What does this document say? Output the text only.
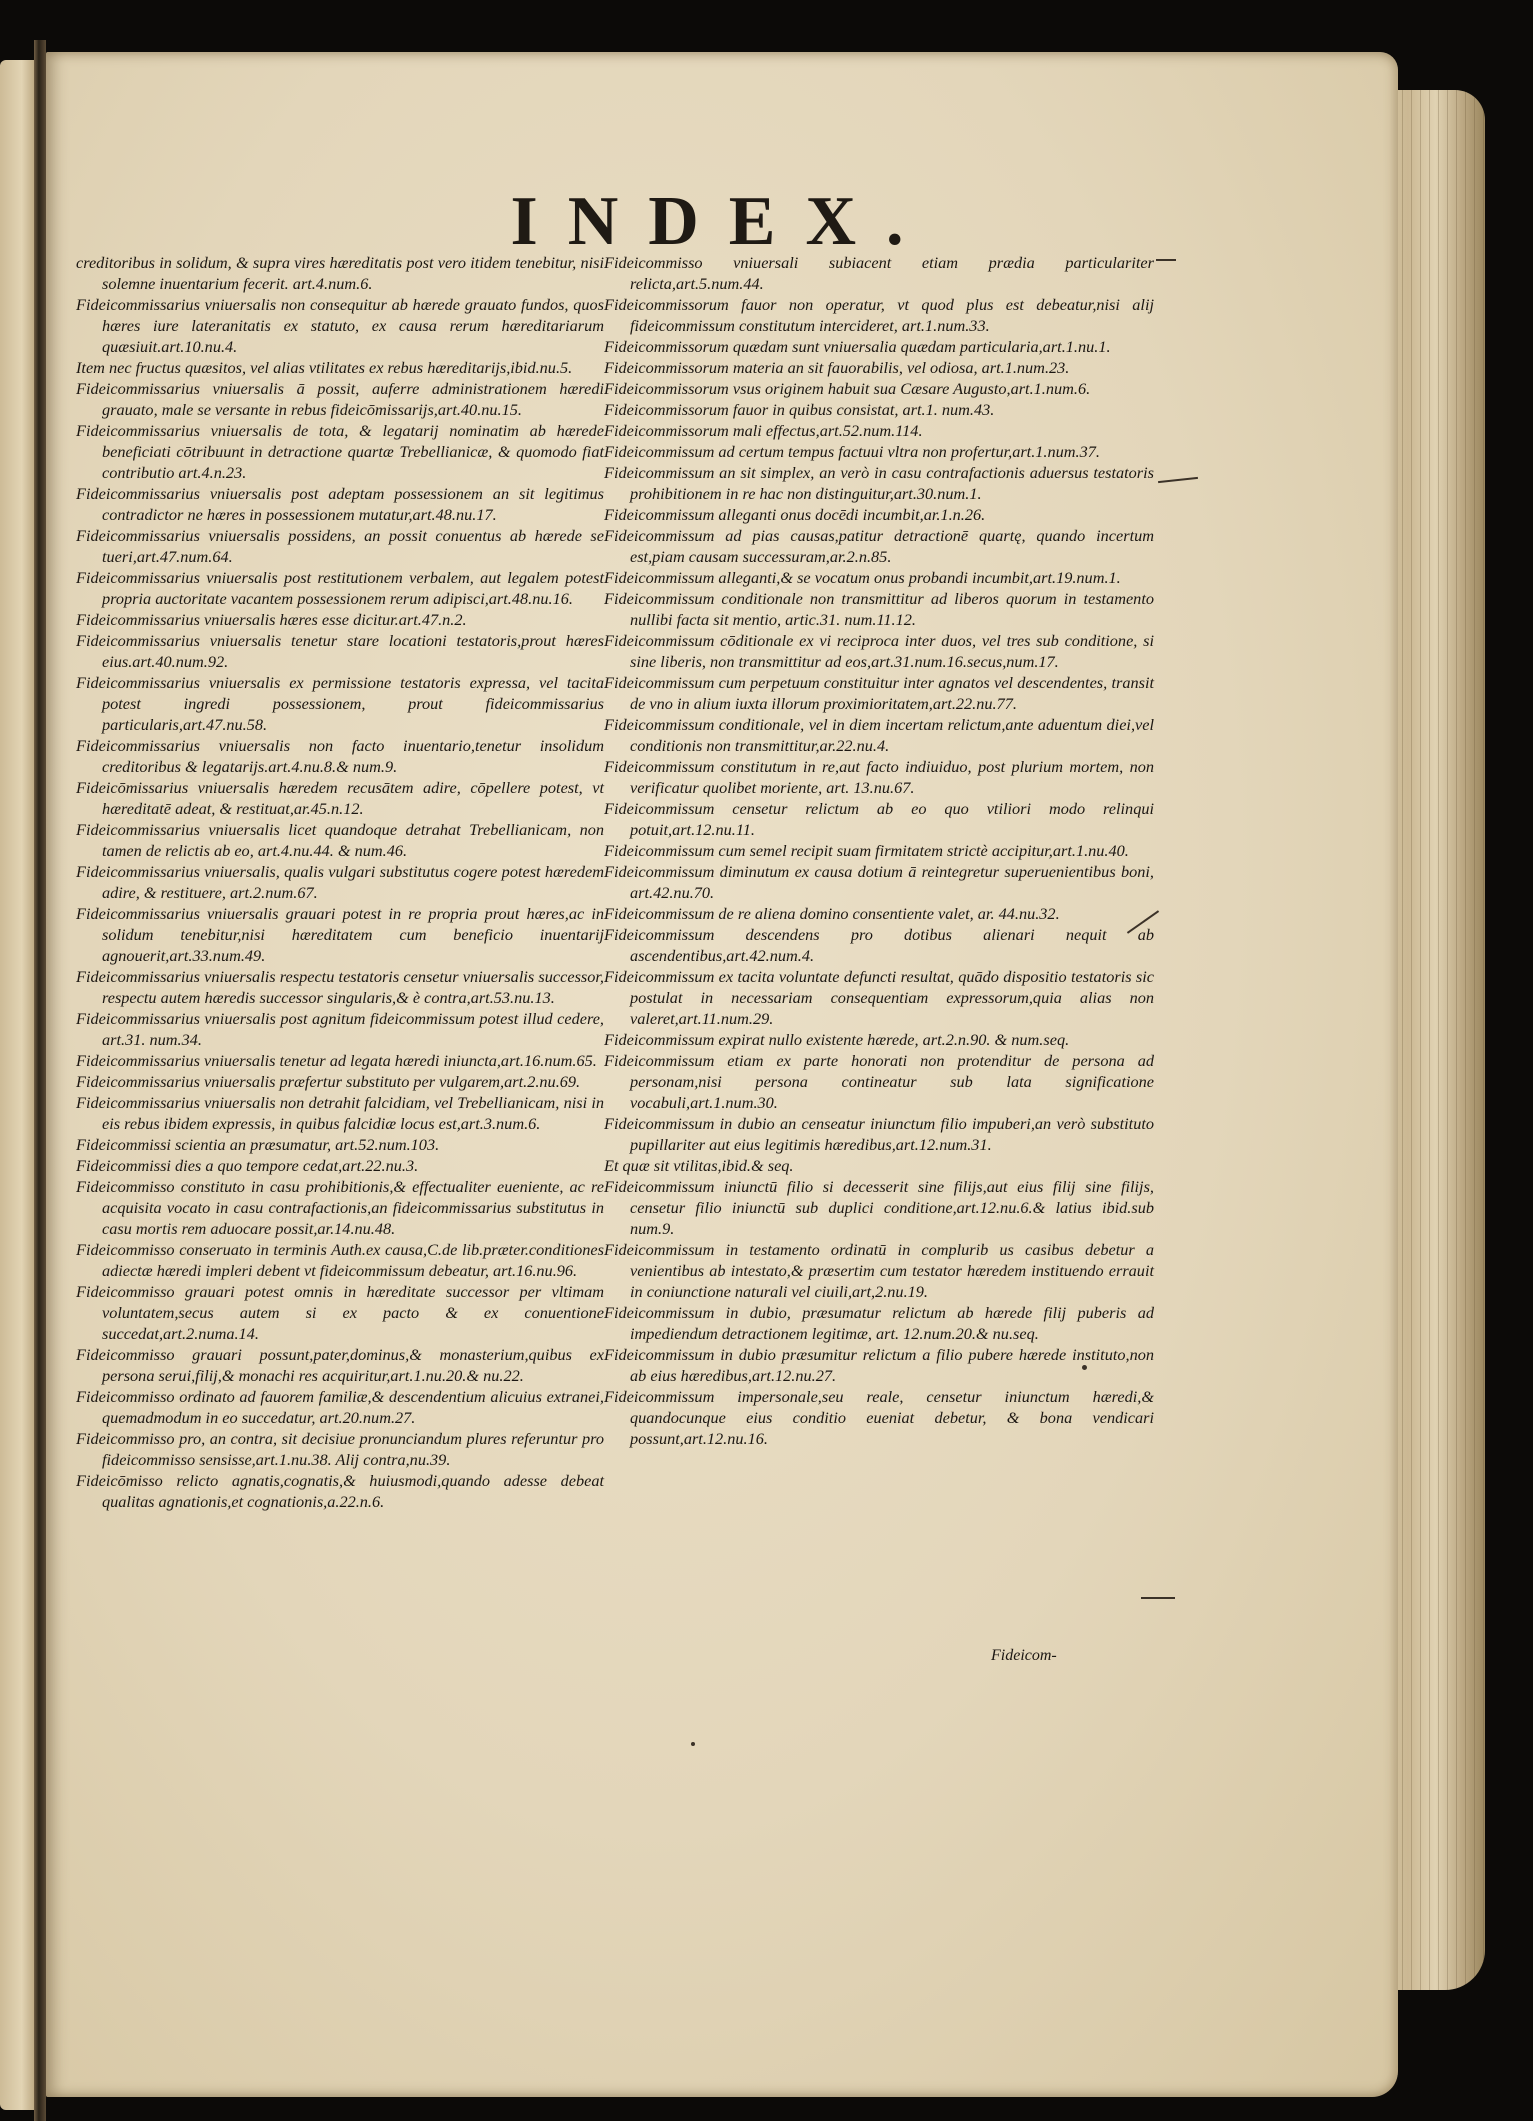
INDEX.

creditoribus in solidum, & supra vires hæreditatis post vero itidem tenebitur, nisi solemne inuentarium fecerit. art.4.num.6.

Fideicommissarius vniuersalis non consequitur ab hærede grauato fundos, quos hæres iure lateranitatis ex statuto, ex causa rerum hæreditariarum quæsiuit.art.10.nu.4.

Item nec fructus quæsitos, vel alias vtilitates ex rebus hæreditarijs,ibid.nu.5.

Fideicommissarius vniuersalis ā possit, auferre administrationem hæredi grauato, male se versante in rebus fideicōmissarijs,art.40.nu.15.

Fideicommissarius vniuersalis de tota, & legatarij nominatim ab hærede beneficiati cōtribuunt in detractione quartæ Trebellianicæ, & quomodo fiat contributio art.4.n.23.

Fideicommissarius vniuersalis post adeptam possessionem an sit legitimus contradictor ne hæres in possessionem mutatur,art.48.nu.17.

Fideicommissarius vniuersalis possidens, an possit conuentus ab hærede se tueri,art.47.num.64.

Fideicommissarius vniuersalis post restitutionem verbalem, aut legalem potest propria auctoritate vacantem possessionem rerum adipisci,art.48.nu.16.

Fideicommissarius vniuersalis hæres esse dicitur.art.47.n.2.

Fideicommissarius vniuersalis tenetur stare locationi testatoris,prout hæres eius.art.40.num.92.

Fideicommissarius vniuersalis ex permissione testatoris expressa, vel tacita potest ingredi possessionem, prout fideicommissarius particularis,art.47.nu.58.

Fideicommissarius vniuersalis non facto inuentario,tenetur insolidum creditoribus & legatarijs.art.4.nu.8.& num.9.

Fideicōmissarius vniuersalis hæredem recusātem adire, cōpellere potest, vt hæreditatē adeat, & restituat,ar.45.n.12.

Fideicommissarius vniuersalis licet quandoque detrahat Trebellianicam, non tamen de relictis ab eo, art.4.nu.44. & num.46.

Fideicommissarius vniuersalis, qualis vulgari substitutus cogere potest hæredem adire, & restituere, art.2.num.67.

Fideicommissarius vniuersalis grauari potest in re propria prout hæres,ac in solidum tenebitur,nisi hæreditatem cum beneficio inuentarij agnouerit,art.33.num.49.

Fideicommissarius vniuersalis respectu testatoris censetur vniuersalis successor, respectu autem hæredis successor singularis,& è contra,art.53.nu.13.

Fideicommissarius vniuersalis post agnitum fideicommissum potest illud cedere, art.31. num.34.

Fideicommissarius vniuersalis tenetur ad legata hæredi iniuncta,art.16.num.65.

Fideicommissarius vniuersalis præfertur substituto per vulgarem,art.2.nu.69.

Fideicommissarius vniuersalis non detrahit falcidiam, vel Trebellianicam, nisi in eis rebus ibidem expressis, in quibus falcidiæ locus est,art.3.num.6.

Fideicommissi scientia an præsumatur, art.52.num.103.

Fideicommissi dies a quo tempore cedat,art.22.nu.3.

Fideicommisso constituto in casu prohibitionis,& effectualiter eueniente, ac re acquisita vocato in casu contrafactionis,an fideicommissarius substitutus in casu mortis rem aduocare possit,ar.14.nu.48.

Fideicommisso conseruato in terminis Auth.ex causa,C.de lib.præter.conditiones adiectæ hæredi impleri debent vt fideicommissum debeatur, art.16.nu.96.

Fideicommisso grauari potest omnis in hæreditate successor per vltimam voluntatem,secus autem si ex pacto & ex conuentione succedat,art.2.numa.14.

Fideicommisso grauari possunt,pater,dominus,& monasterium,quibus ex persona serui,filij,& monachi res acquiritur,art.1.nu.20.& nu.22.

Fideicommisso ordinato ad fauorem familiæ,& descendentium alicuius extranei, quemadmodum in eo succedatur, art.20.num.27.

Fideicommisso pro, an contra, sit decisiue pronunciandum plures referuntur pro fideicommisso sensisse,art.1.nu.38. Alij contra,nu.39.

Fideicōmisso relicto agnatis,cognatis,& huiusmodi,quando adesse debeat qualitas agnationis,et cognationis,a.22.n.6.

Fideicommisso vniuersali subiacent etiam prædia particulariter relicta,art.5.num.44.

Fideicommissorum fauor non operatur, vt quod plus est debeatur,nisi alij fideicommissum constitutum intercideret, art.1.num.33.

Fideicommissorum quædam sunt vniuersalia quædam particularia,art.1.nu.1.

Fideicommissorum materia an sit fauorabilis, vel odiosa, art.1.num.23.

Fideicommissorum vsus originem habuit sua Cæsare Augusto,art.1.num.6.

Fideicommissorum fauor in quibus consistat, art.1. num.43.

Fideicommissorum mali effectus,art.52.num.114.

Fideicommissum ad certum tempus factuui vltra non profertur,art.1.num.37.

Fideicommissum an sit simplex, an verò in casu contrafactionis aduersus testatoris prohibitionem in re hac non distinguitur,art.30.num.1.

Fideicommissum alleganti onus docēdi incumbit,ar.1.n.26.

Fideicommissum ad pias causas,patitur detractionē quartę, quando incertum est,piam causam successuram,ar.2.n.85.

Fideicommissum alleganti,& se vocatum onus probandi incumbit,art.19.num.1.

Fideicommissum conditionale non transmittitur ad liberos quorum in testamento nullibi facta sit mentio, artic.31. num.11.12.

Fideicommissum cōditionale ex vi reciproca inter duos, vel tres sub conditione, si sine liberis, non transmittitur ad eos,art.31.num.16.secus,num.17.

Fideicommissum cum perpetuum constituitur inter agnatos vel descendentes, transit de vno in alium iuxta illorum proximioritatem,art.22.nu.77.

Fideicommissum conditionale, vel in diem incertam relictum,ante aduentum diei,vel conditionis non transmittitur,ar.22.nu.4.

Fideicommissum constitutum in re,aut facto indiuiduo, post plurium mortem, non verificatur quolibet moriente, art. 13.nu.67.

Fideicommissum censetur relictum ab eo quo vtiliori modo relinqui potuit,art.12.nu.11.

Fideicommissum cum semel recipit suam firmitatem strictè accipitur,art.1.nu.40.

Fideicommissum diminutum ex causa dotium ā reintegretur superuenientibus boni, art.42.nu.70.

Fideicommissum de re aliena domino consentiente valet, ar. 44.nu.32.

Fideicommissum descendens pro dotibus alienari nequit ab ascendentibus,art.42.num.4.

Fideicommissum ex tacita voluntate defuncti resultat, quādo dispositio testatoris sic postulat in necessariam consequentiam expressorum,quia alias non valeret,art.11.num.29.

Fideicommissum expirat nullo existente hærede, art.2.n.90. & num.seq.

Fideicommissum etiam ex parte honorati non protenditur de persona ad personam,nisi persona contineatur sub lata significatione vocabuli,art.1.num.30.

Fideicommissum in dubio an censeatur iniunctum filio impuberi,an verò substituto pupillariter aut eius legitimis hæredibus,art.12.num.31.

Et quæ sit vtilitas,ibid.& seq.

Fideicommissum iniunctū filio si decesserit sine filijs,aut eius filij sine filijs, censetur filio iniunctū sub duplici conditione,art.12.nu.6.& latius ibid.sub num.9.

Fideicommissum in testamento ordinatū in complurib us casibus debetur a venientibus ab intestato,& præsertim cum testator hæredem instituendo errauit in coniunctione naturali vel ciuili,art,2.nu.19.

Fideicommissum in dubio, præsumatur relictum ab hærede filij puberis ad impediendum detractionem legitimæ, art. 12.num.20.& nu.seq.

Fideicommissum in dubio præsumitur relictum a filio pubere hærede instituto,non ab eius hæredibus,art.12.nu.27.

Fideicommissum impersonale,seu reale, censetur iniunctum hæredi,& quandocunque eius conditio eueniat debetur, & bona vendicari possunt,art.12.nu.16.

Fideicom-
